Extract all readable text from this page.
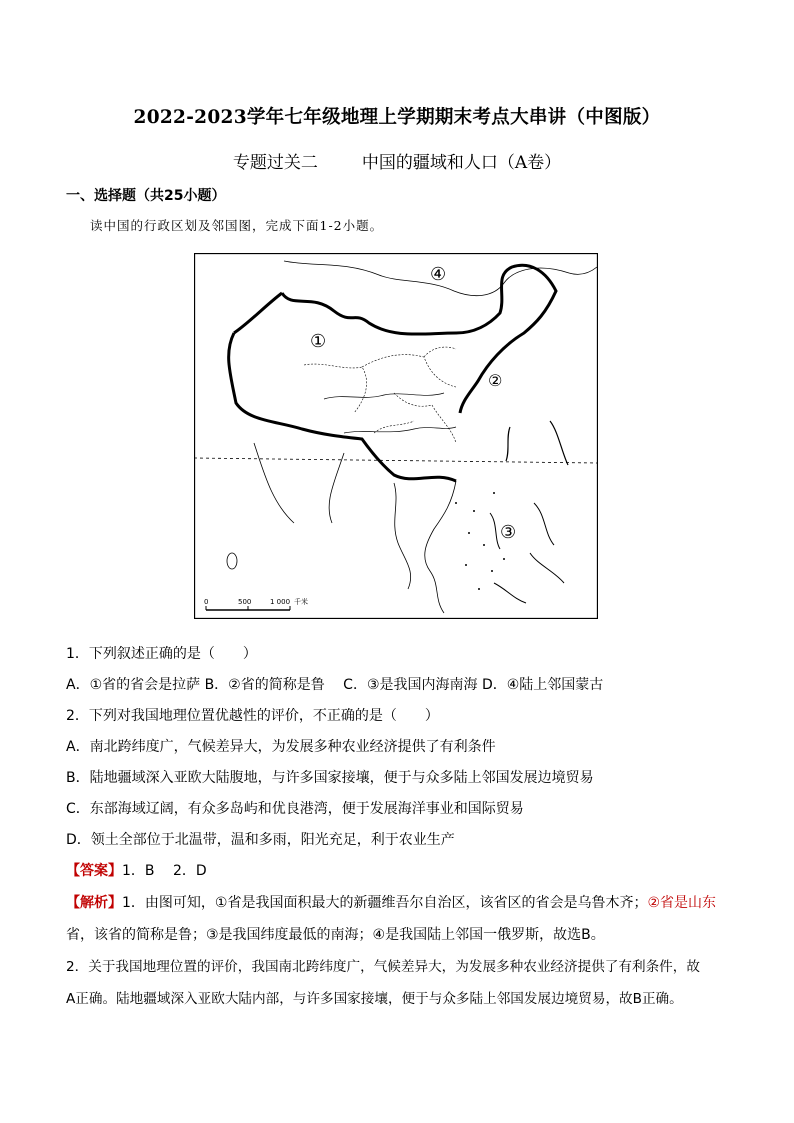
2022-2023学年七年级地理上学期期末考点大串讲（中图版）
专题过关二	中国的疆域和人口（A卷）
一、选择题（共25小题）
读中国的行政区划及邻国图，完成下面1-2小题。
①
②
③
④
0	500	1 000 千米
1．下列叙述正确的是（　　）
A．①省的省会是拉萨 B．②省的简称是鲁　 C．③是我国内海南海 D．④陆上邻国蒙古
2．下列对我国地理位置优越性的评价，不正确的是（　　）
A．南北跨纬度广，气候差异大，为发展多种农业经济提供了有利条件
B．陆地疆域深入亚欧大陆腹地，与许多国家接壤，便于与众多陆上邻国发展边境贸易
C．东部海域辽阔，有众多岛屿和优良港湾，便于发展海洋事业和国际贸易
D．领土全部位于北温带，温和多雨，阳光充足，利于农业生产
【答案】1．B　 2．D
【解析】1．由图可知，①省是我国面积最大的新疆维吾尔自治区，该省区的省会是乌鲁木齐；②省是山东
省，该省的简称是鲁；③是我国纬度最低的南海；④是我国陆上邻国一俄罗斯，故选B。
2．关于我国地理位置的评价，我国南北跨纬度广，气候差异大，为发展多种农业经济提供了有利条件，故
A正确。陆地疆域深入亚欧大陆内部，与许多国家接壤，便于与众多陆上邻国发展边境贸易，故B正确。
